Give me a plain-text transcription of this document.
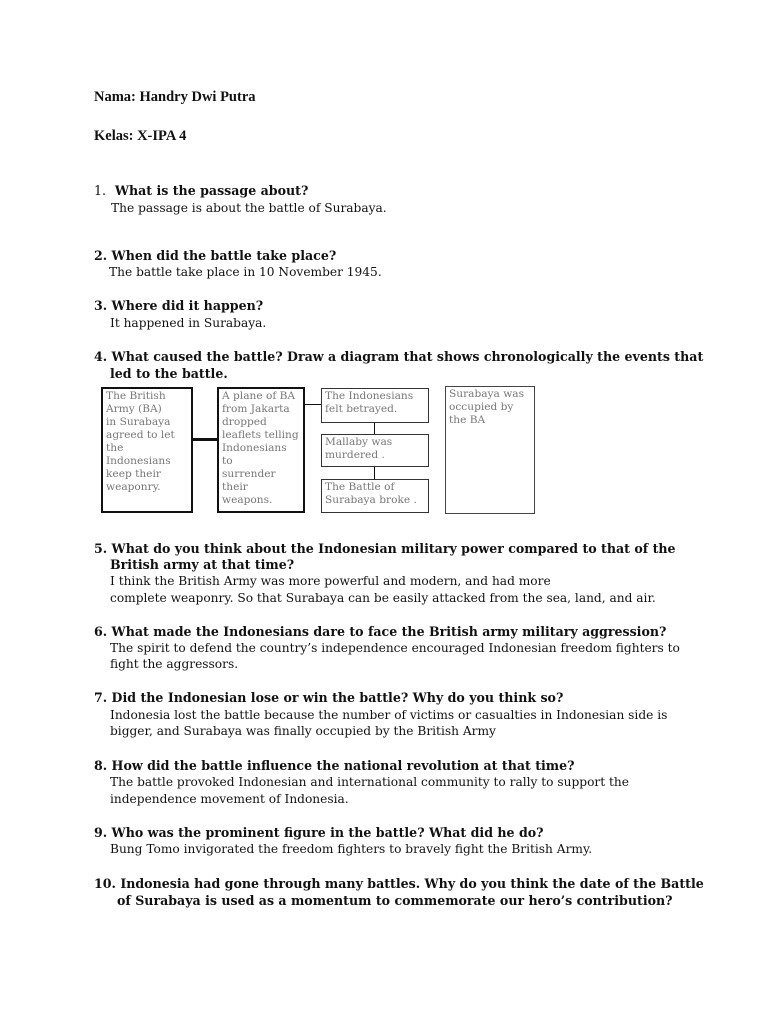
Nama: Handry Dwi Putra
Kelas: X-IPA 4
1. What is the passage about?
The passage is about the battle of Surabaya.
2. When did the battle take place?
The battle take place in 10 November 1945.
3. Where did it happen?
It happened in Surabaya.
4. What caused the battle? Draw a diagram that shows chronologically the events that
led to the battle.
The British
Army (BA)
in Surabaya
agreed to let
the Indonesians
keep their
weaponry.
A plane of BA
from Jakarta
dropped
leaflets telling
Indonesians to
surrender their
weapons.
The Indonesians
felt betrayed.
Mallaby was
murdered .
The Battle of
Surabaya broke .
Surabaya was
occupied by
the BA
5. What do you think about the Indonesian military power compared to that of the
British army at that time?
I think the British Army was more powerful and modern, and had more
complete weaponry. So that Surabaya can be easily attacked from the sea, land, and air.
6. What made the Indonesians dare to face the British army military aggression?
The spirit to defend the country’s independence encouraged Indonesian freedom fighters to
fight the aggressors.
7. Did the Indonesian lose or win the battle? Why do you think so?
Indonesia lost the battle because the number of victims or casualties in Indonesian side is
bigger, and Surabaya was finally occupied by the British Army
8. How did the battle influence the national revolution at that time?
The battle provoked Indonesian and international community to rally to support the
independence movement of Indonesia.
9. Who was the prominent figure in the battle? What did he do?
Bung Tomo invigorated the freedom fighters to bravely fight the British Army.
10. Indonesia had gone through many battles. Why do you think the date of the Battle
of Surabaya is used as a momentum to commemorate our hero’s contribution?
